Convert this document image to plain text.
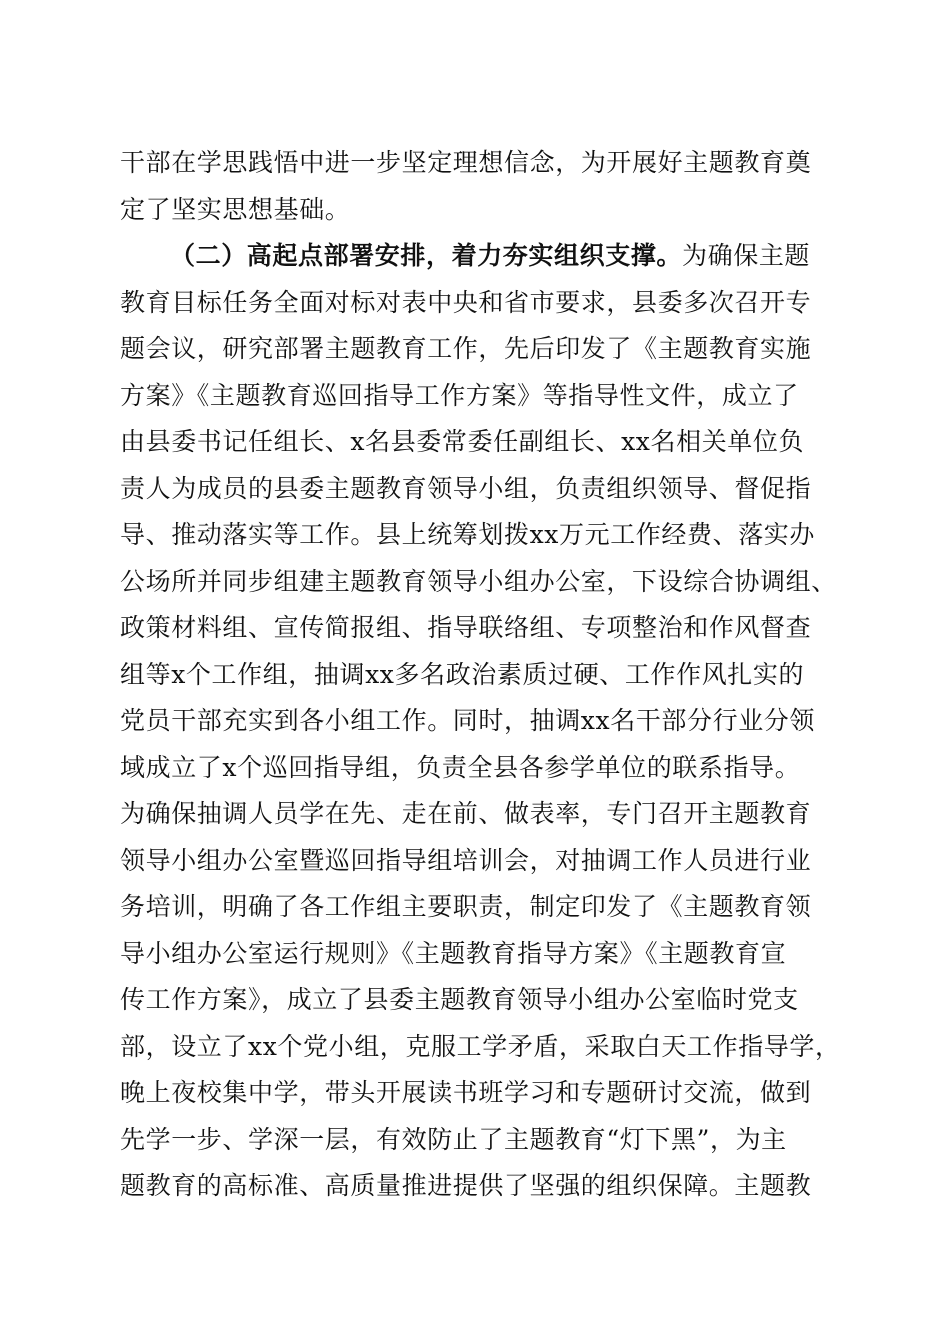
干部在学思践悟中进一步坚定理想信念，为开展好主题教育奠
定了坚实思想基础。
（二）高起点部署安排，着力夯实组织支撑。为确保主题
教育目标任务全面对标对表中央和省市要求，县委多次召开专
题会议，研究部署主题教育工作，先后印发了《主题教育实施
方案》《主题教育巡回指导工作方案》等指导性文件，成立了
由县委书记任组长、x名县委常委任副组长、xx名相关单位负
责人为成员的县委主题教育领导小组，负责组织领导、督促指
导、推动落实等工作。县上统筹划拨xx万元工作经费、落实办
公场所并同步组建主题教育领导小组办公室，下设综合协调组、
政策材料组、宣传简报组、指导联络组、专项整治和作风督查
组等x个工作组，抽调xx多名政治素质过硬、工作作风扎实的
党员干部充实到各小组工作。同时，抽调xx名干部分行业分领
域成立了x个巡回指导组，负责全县各参学单位的联系指导。
为确保抽调人员学在先、走在前、做表率，专门召开主题教育
领导小组办公室暨巡回指导组培训会，对抽调工作人员进行业
务培训，明确了各工作组主要职责，制定印发了《主题教育领
导小组办公室运行规则》《主题教育指导方案》《主题教育宣
传工作方案》，成立了县委主题教育领导小组办公室临时党支
部，设立了xx个党小组，克服工学矛盾，采取白天工作指导学，
晚上夜校集中学，带头开展读书班学习和专题研讨交流，做到
先学一步、学深一层，有效防止了主题教育“灯下黑”，为主
题教育的高标准、高质量推进提供了坚强的组织保障。主题教
